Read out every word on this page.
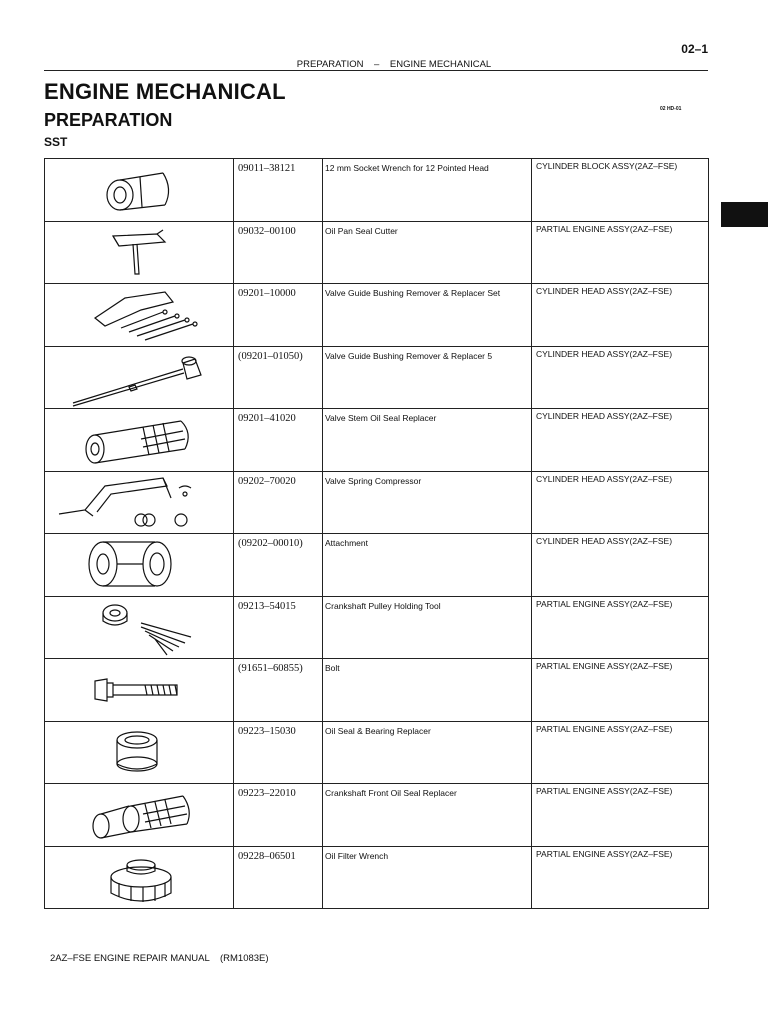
02–1
PREPARATION    –    ENGINE MECHANICAL
ENGINE MECHANICAL
PREPARATION
02 HD-01
SST

09011–38121	12 mm Socket Wrench for 12 Pointed Head	CYLINDER BLOCK ASSY(2AZ–FSE)

09032–00100	Oil Pan Seal Cutter	PARTIAL ENGINE ASSY(2AZ–FSE)

09201–10000	Valve Guide Bushing Remover & Replacer Set	CYLINDER HEAD ASSY(2AZ–FSE)

(09201–01050)	Valve Guide Bushing Remover & Replacer 5	CYLINDER HEAD ASSY(2AZ–FSE)

09201–41020	Valve Stem Oil Seal Replacer	CYLINDER HEAD ASSY(2AZ–FSE)

09202–70020	Valve Spring Compressor	CYLINDER HEAD ASSY(2AZ–FSE)

(09202–00010)	Attachment	CYLINDER HEAD ASSY(2AZ–FSE)

09213–54015	Crankshaft Pulley Holding Tool	PARTIAL ENGINE ASSY(2AZ–FSE)

(91651–60855)	Bolt	PARTIAL ENGINE ASSY(2AZ–FSE)

09223–15030	Oil Seal & Bearing Replacer	PARTIAL ENGINE ASSY(2AZ–FSE)

09223–22010	Crankshaft Front Oil Seal Replacer	PARTIAL ENGINE ASSY(2AZ–FSE)

09228–06501	Oil Filter Wrench	PARTIAL ENGINE ASSY(2AZ–FSE)
2AZ–FSE ENGINE REPAIR MANUAL    (RM1083E)
